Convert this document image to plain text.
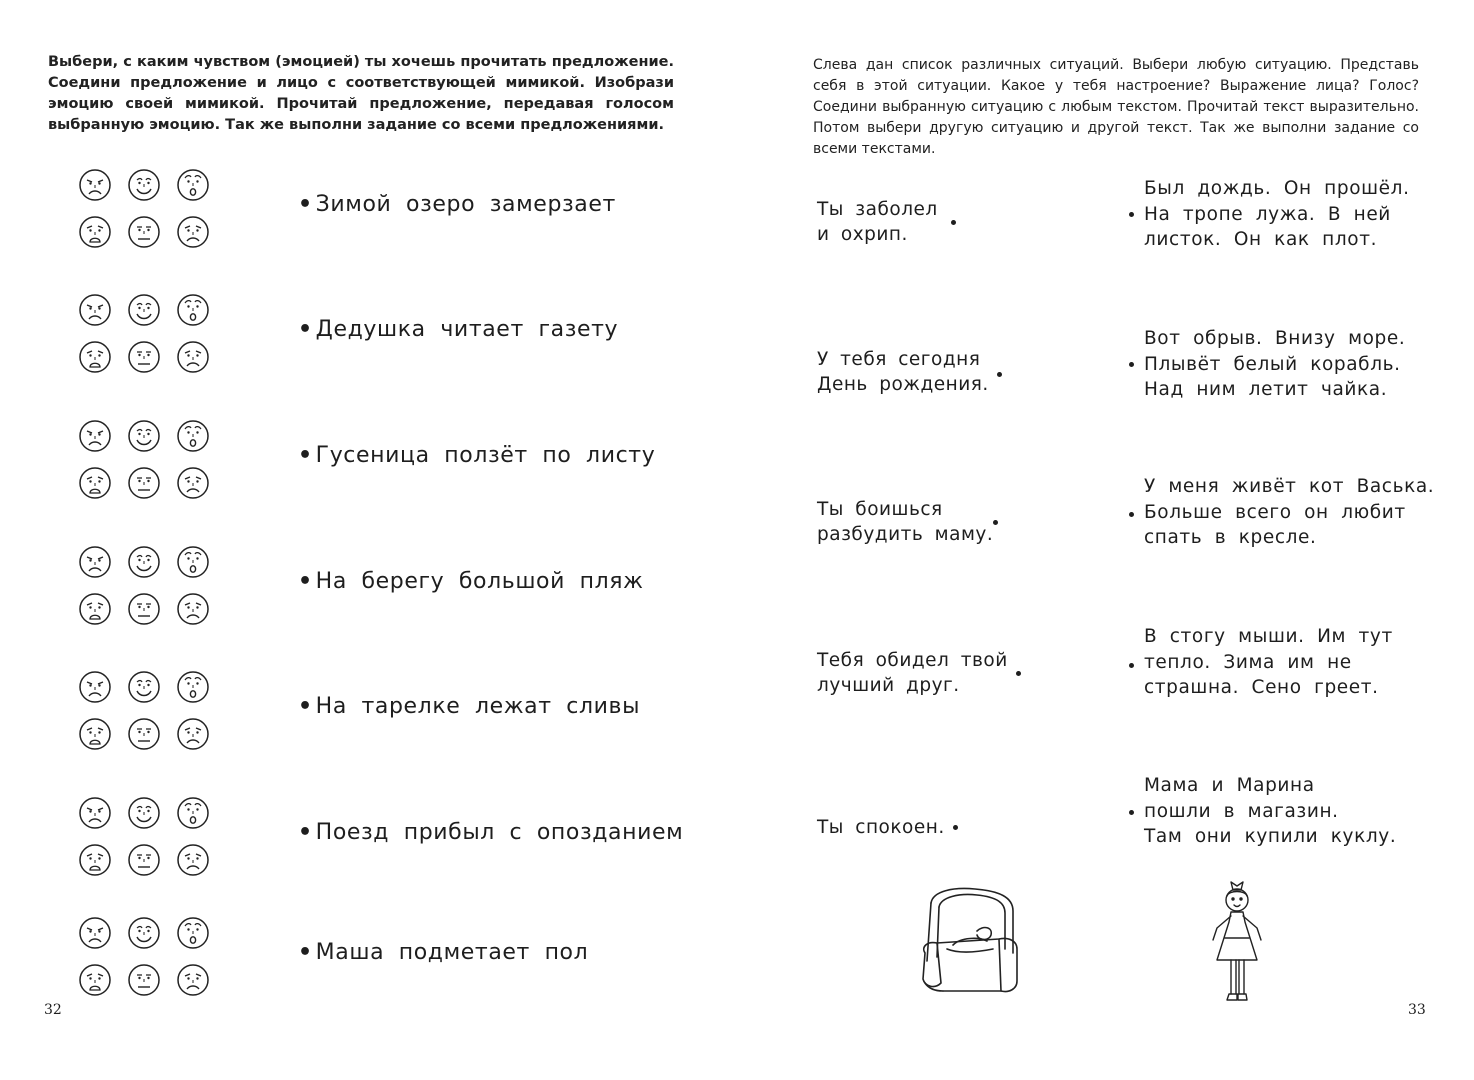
Выбери, с каким чувством (эмоцией) ты хочешь прочитать предложение. Соедини предложение и лицо с соответствующей мимикой. Изобрази эмоцию своей мимикой. Прочитай предложение, передавая голосом выбранную эмоцию. Так же выполни задание со всеми предложениями.

• Зимой озеро замерзает
• Дедушка читает газету
• Гусеница ползёт по листу
• На берегу большой пляж
• На тарелке лежат сливы
• Поезд прибыл с опозданием
• Маша подметает пол
32

Слева дан список различных ситуаций. Выбери любую ситуацию. Представь себя в этой ситуации. Какое у тебя настроение? Выражение лица? Голос? Соедини выбранную ситуацию с любым текстом. Прочитай текст выразительно. Потом выбери другую ситуацию и другой текст. Так же выполни задание со всеми текстами.

Ты заболел
и охрип.
У тебя сегодня
День рождения.
Ты боишься
разбудить маму.
Тебя обидел твой
лучший друг.
Ты спокоен.
Был дождь. Он прошёл.
На тропе лужа. В ней
листок. Он как плот.
Вот обрыв. Внизу море.
Плывёт белый корабль.
Над ним летит чайка.
У меня живёт кот Васька.
Больше всего он любит
спать в кресле.
В стогу мыши. Им тут
тепло. Зима им не
страшна. Сено греет.
Мама и Марина
пошли в магазин.
Там они купили куклу.
33
